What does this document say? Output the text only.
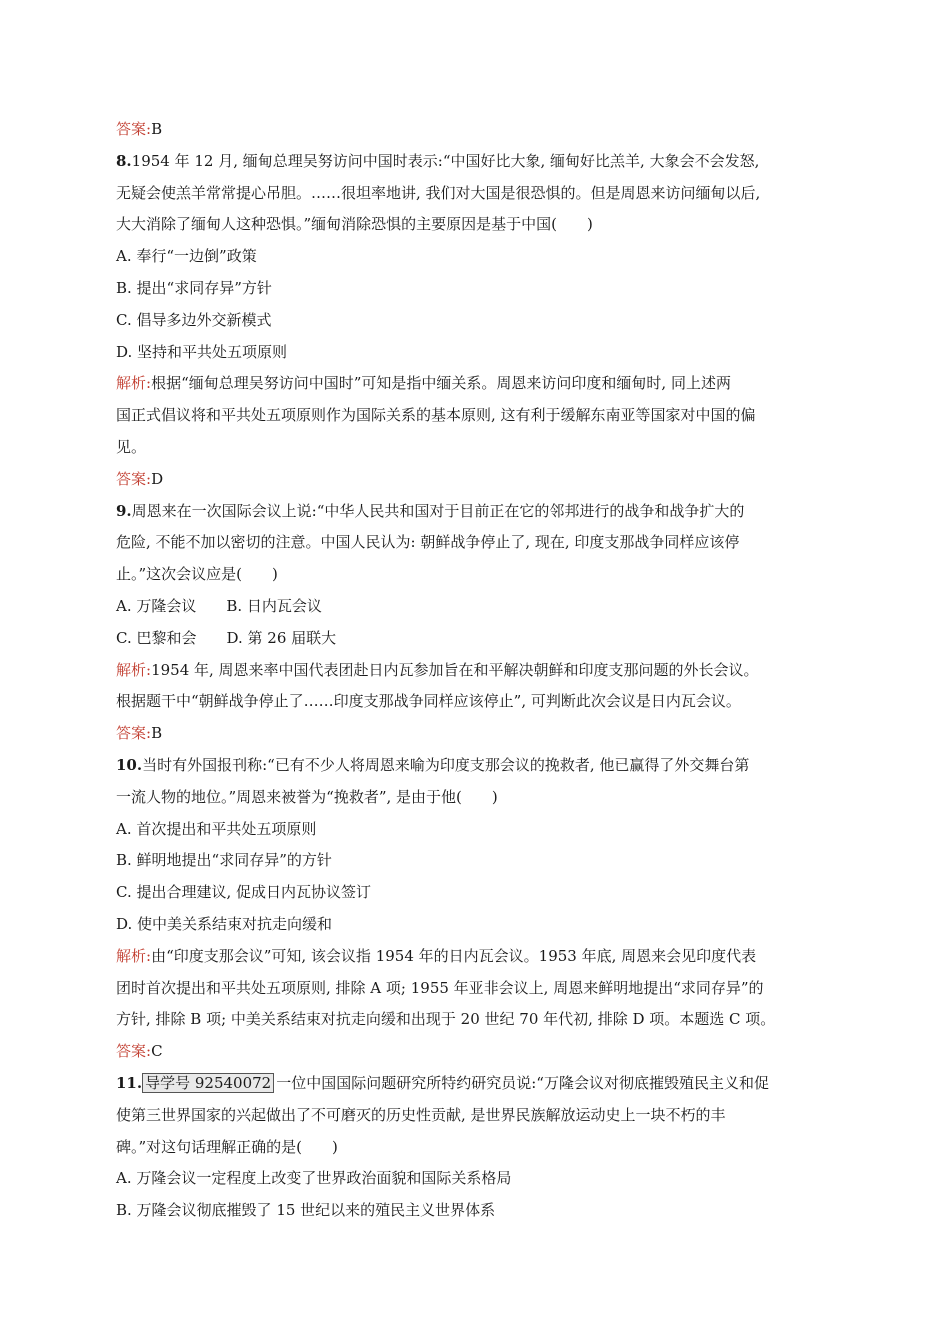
答案:B
8.1954 年 12 月, 缅甸总理吴努访问中国时表示:“中国好比大象, 缅甸好比羔羊, 大象会不会发怒,
无疑会使羔羊常常提心吊胆。……很坦率地讲, 我们对大国是很恐惧的。但是周恩来访问缅甸以后,
大大消除了缅甸人这种恐惧。”缅甸消除恐惧的主要原因是基于中国(　　)
A. 奉行“一边倒”政策
B. 提出“求同存异”方针
C. 倡导多边外交新模式
D. 坚持和平共处五项原则
解析:根据“缅甸总理吴努访问中国时”可知是指中缅关系。周恩来访问印度和缅甸时, 同上述两
国正式倡议将和平共处五项原则作为国际关系的基本原则, 这有利于缓解东南亚等国家对中国的偏
见。
答案:D
9.周恩来在一次国际会议上说:“中华人民共和国对于目前正在它的邻邦进行的战争和战争扩大的
危险, 不能不加以密切的注意。中国人民认为: 朝鲜战争停止了, 现在, 印度支那战争同样应该停
止。”这次会议应是(　　)
A. 万隆会议 B. 日内瓦会议
C. 巴黎和会 D. 第 26 届联大
解析:1954 年, 周恩来率中国代表团赴日内瓦参加旨在和平解决朝鲜和印度支那问题的外长会议。
根据题干中“朝鲜战争停止了……印度支那战争同样应该停止”, 可判断此次会议是日内瓦会议。
答案:B
10.当时有外国报刊称:“已有不少人将周恩来喻为印度支那会议的挽救者, 他已赢得了外交舞台第
一流人物的地位。”周恩来被誉为“挽救者”, 是由于他(　　)
A. 首次提出和平共处五项原则
B. 鲜明地提出“求同存异”的方针
C. 提出合理建议, 促成日内瓦协议签订
D. 使中美关系结束对抗走向缓和
解析:由“印度支那会议”可知, 该会议指 1954 年的日内瓦会议。1953 年底, 周恩来会见印度代表
团时首次提出和平共处五项原则, 排除 A 项; 1955 年亚非会议上, 周恩来鲜明地提出“求同存异”的
方针, 排除 B 项; 中美关系结束对抗走向缓和出现于 20 世纪 70 年代初, 排除 D 项。本题选 C 项。
答案:C
11. 导学号 92540072 一位中国国际问题研究所特约研究员说:“万隆会议对彻底摧毁殖民主义和促
使第三世界国家的兴起做出了不可磨灭的历史性贡献, 是世界民族解放运动史上一块不朽的丰
碑。”对这句话理解正确的是(　　)
A. 万隆会议一定程度上改变了世界政治面貌和国际关系格局
B. 万隆会议彻底摧毁了 15 世纪以来的殖民主义世界体系
